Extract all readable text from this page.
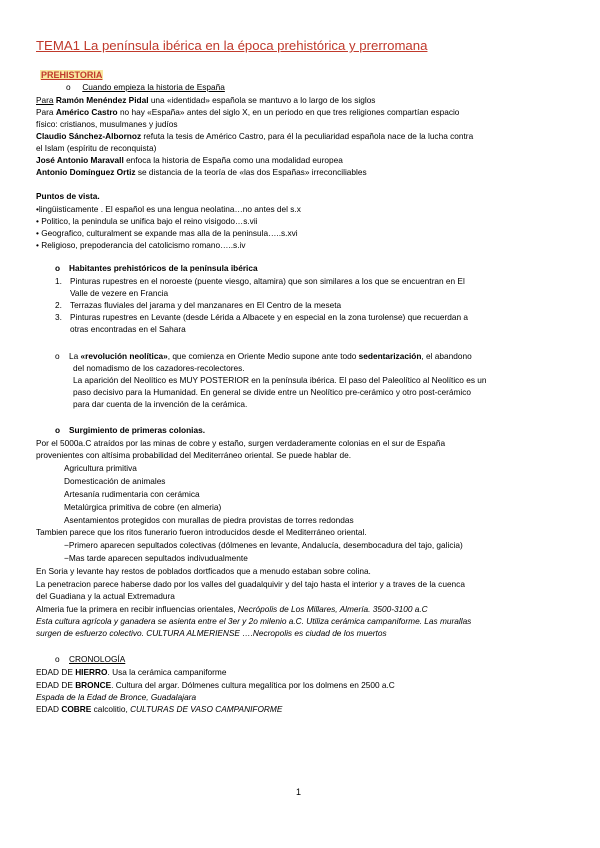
TEMA1 La península ibérica en la época prehistórica y prerromana
PREHISTORIA
o Cuando empieza la historia de España
Para Ramón Menéndez Pidal una «identidad» española se mantuvo a lo largo de los siglos
Para Américo Castro no hay «España» antes del siglo X, en un periodo en que tres religiones compartían espacio
físico: cristianos, musulmanes y judíos
Claudio Sánchez-Albornoz refuta la tesis de Américo Castro, para él la peculiaridad española nace de la lucha contra
el Islam (espíritu de reconquista)
José Antonio Maravall enfoca la historia de España como una modalidad europea
Antonio Domínguez Ortiz se distancia de la teoría de «las dos Españas» irreconciliables
Puntos de vista.
•lingüisticamente . El español es una lengua neolatina…no antes del s.x
• Politico, la penindula se unifica bajo el reino visigodo…s.vii
• Geografico, culturalment se expande mas alla de la peninsula…..s.xvi
• Religioso, prepoderancia del catolicismo romano…..s.iv
o Habitantes prehistóricos de la península ibérica
1. Pinturas rupestres en el noroeste (puente viesgo, altamira) que son similares a los que se encuentran en El
Valle de vezere en Francia
2. Terrazas fluviales del jarama y del manzanares en El Centro de la meseta
3. Pinturas rupestres en Levante (desde Lérida a Albacete y en especial en la zona turolense) que recuerdan a
otras encontradas en el Sahara
o La «revolución neolítica», que comienza en Oriente Medio supone ante todo sedentarización, el abandono
del nomadismo de los cazadores-recolectores.
La aparición del Neolítico es MUY POSTERIOR en la península ibérica. El paso del Paleolítico al Neolítico es un
paso decisivo para la Humanidad. En general se divide entre un Neolítico pre-cerámico y otro post-cerámico
para dar cuenta de la invención de la cerámica.
o Surgimiento de primeras colonias.
Por el 5000a.C atraídos por las minas de cobre y estaño, surgen verdaderamente colonias en el sur de España
provenientes con altísima probabilidad del Mediterráneo oriental. Se puede hablar de.
Agricultura primitiva
Domesticación de animales
Artesanía rudimentaria con cerámica
Metalúrgica primitiva de cobre (en almeria)
Asentamientos protegidos con murallas de piedra provistas de torres redondas
Tambien parece que los ritos funerario fueron introducidos desde el Mediterráneo oriental.
−Primero aparecen sepultados colectivas (dólmenes en levante, Andalucía, desembocadura del tajo, galicia)
−Mas tarde aparecen sepultados indivudualmente
En Soria y levante hay restos de poblados dortficados que a menudo estaban sobre colina.
La penetracion parece haberse dado por los valles del guadalquivir y del tajo hasta el interior y a traves de la cuenca
del Guadiana y la actual Extremadura
Almeria fue la primera en recibir influencias orientales, Necrópolis de Los Millares, Almería. 3500-3100 a.C
Esta cultura agrícola y ganadera se asienta entre el 3er y 2o milenio a.C. Utiliza cerámica campaniforme. Las murallas
surgen de esfuerzo colectivo. CULTURA ALMERIENSE ….Necropolis es ciudad de los muertos
o CRONOLOGÍA
EDAD DE HIERRO. Usa la cerámica campaniforme
EDAD DE BRONCE. Cultura del argar. Dólmenes cultura megalítica por los dolmens en 2500 a.C
Espada de la Edad de Bronce, Guadalajara
EDAD COBRE calcolitio, CULTURAS DE VASO CAMPANIFORME
1
